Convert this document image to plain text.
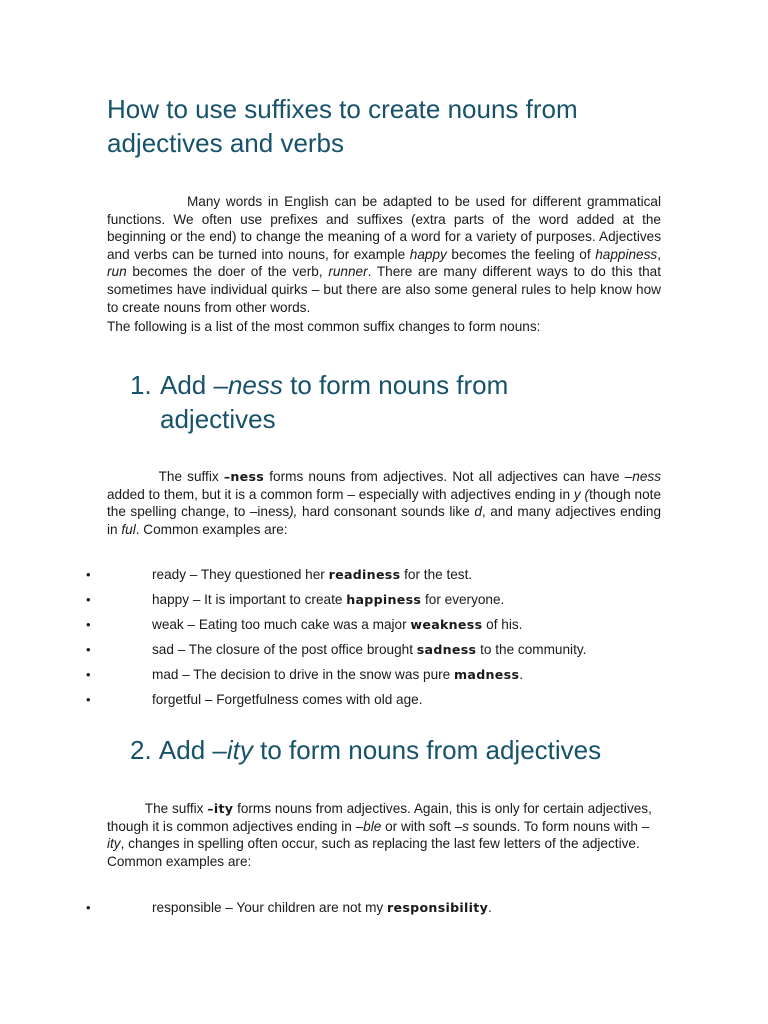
How to use suffixes to create nouns from adjectives and verbs
Many words in English can be adapted to be used for different grammatical functions. We often use prefixes and suffixes (extra parts of the word added at the beginning or the end) to change the meaning of a word for a variety of purposes. Adjectives and verbs can be turned into nouns, for example happy becomes the feeling of happiness, run becomes the doer of the verb, runner. There are many different ways to do this that sometimes have individual quirks – but there are also some general rules to help know how to create nouns from other words.
The following is a list of the most common suffix changes to form nouns:
1. Add –ness to form nouns from
adjectives
The suffix –ness forms nouns from adjectives. Not all adjectives can have –ness added to them, but it is a common form – especially with adjectives ending in y (though note the spelling change, to –iness), hard consonant sounds like d, and many adjectives ending in ful. Common examples are:
•	ready – They questioned her readiness for the test.
•	happy – It is important to create happiness for everyone.
•	weak – Eating too much cake was a major weakness of his.
•	sad – The closure of the post office brought sadness to the community.
•	mad – The decision to drive in the snow was pure madness.
•	forgetful – Forgetfulness comes with old age.
2. Add –ity to form nouns from adjectives
The suffix –ity forms nouns from adjectives. Again, this is only for certain adjectives, though it is common adjectives ending in –ble or with soft –s sounds. To form nouns with –ity, changes in spelling often occur, such as replacing the last few letters of the adjective. Common examples are:
•	responsible – Your children are not my responsibility.
